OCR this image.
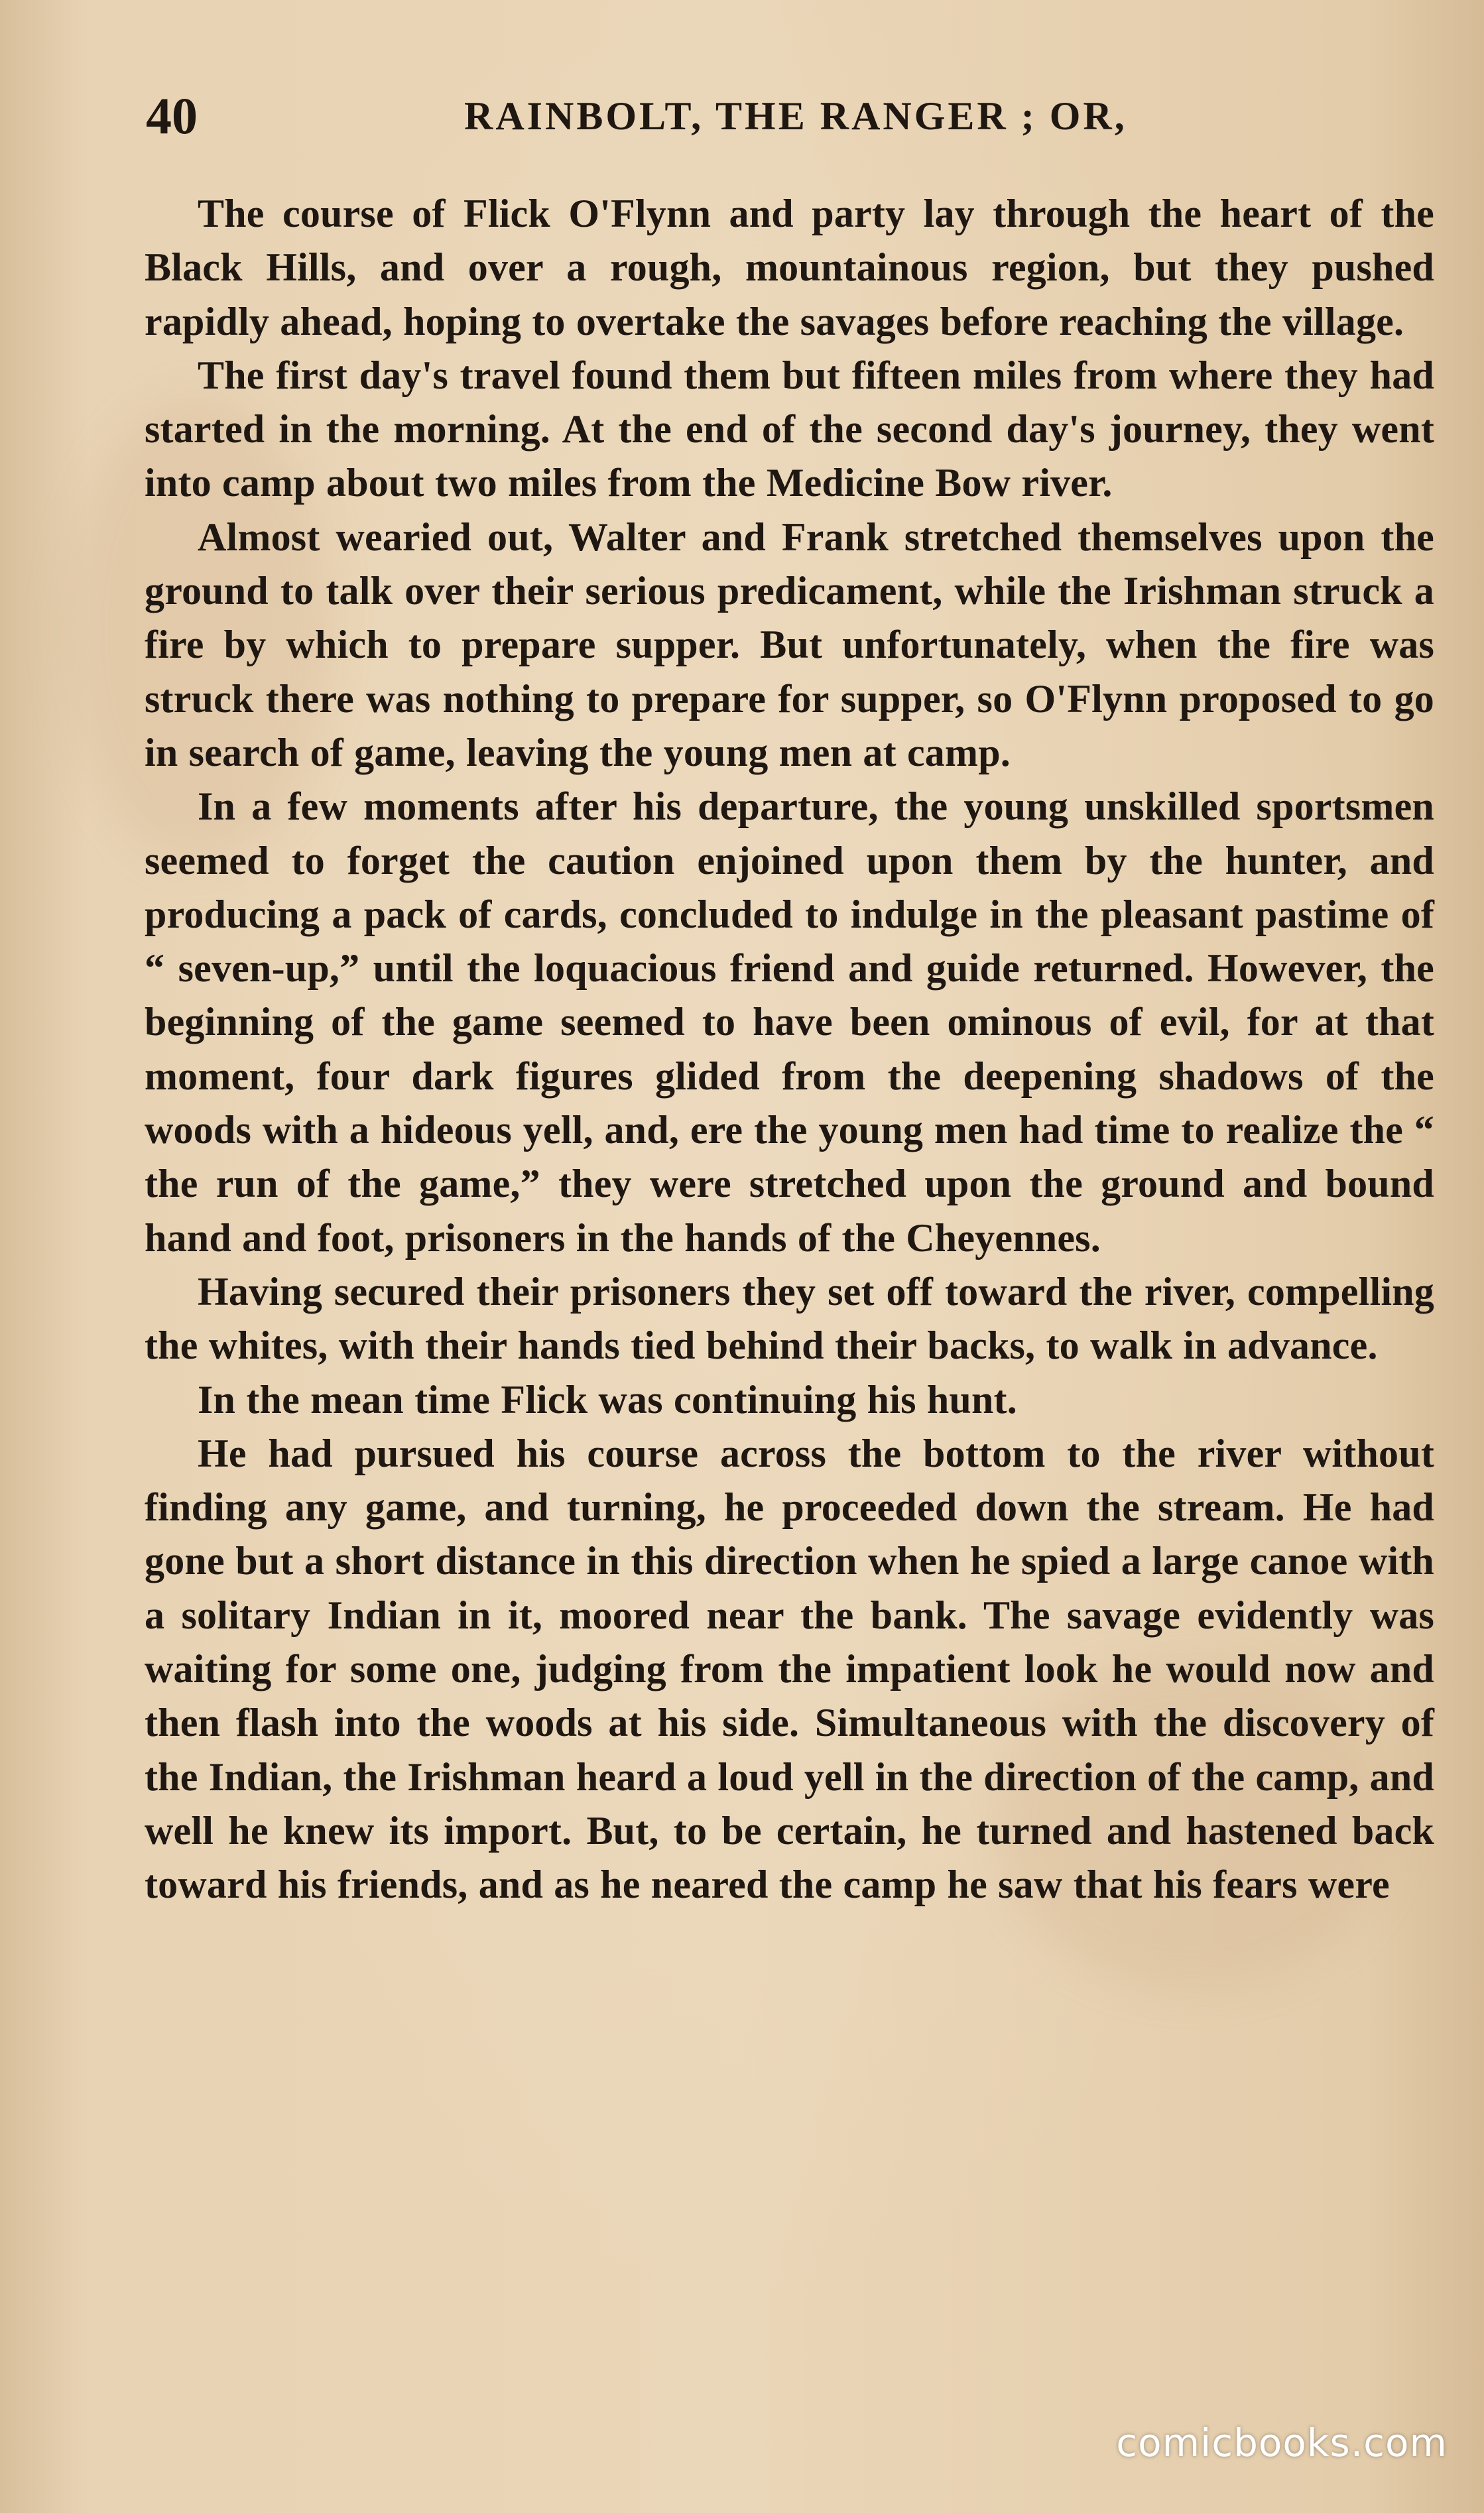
40	RAINBOLT, THE RANGER ; OR,

The course of Flick O'Flynn and party lay through the heart of the Black Hills, and over a rough, mountainous region, but they pushed rapidly ahead, hoping to overtake the savages before reaching the village.

The first day's travel found them but fifteen miles from where they had started in the morning. At the end of the second day's journey, they went into camp about two miles from the Medicine Bow river.

Almost wearied out, Walter and Frank stretched themselves upon the ground to talk over their serious predicament, while the Irishman struck a fire by which to prepare supper. But unfortunately, when the fire was struck there was nothing to prepare for supper, so O'Flynn proposed to go in search of game, leaving the young men at camp.

In a few moments after his departure, the young unskilled sportsmen seemed to forget the caution enjoined upon them by the hunter, and producing a pack of cards, concluded to indulge in the pleasant pastime of “ seven-up,” until the loquacious friend and guide returned. However, the beginning of the game seemed to have been ominous of evil, for at that moment, four dark figures glided from the deepening shadows of the woods with a hideous yell, and, ere the young men had time to realize the “ the run of the game,” they were stretched upon the ground and bound hand and foot, prisoners in the hands of the Cheyennes.

Having secured their prisoners they set off toward the river, compelling the whites, with their hands tied behind their backs, to walk in advance.

In the mean time Flick was continuing his hunt.

He had pursued his course across the bottom to the river without finding any game, and turning, he proceeded down the stream. He had gone but a short distance in this direction when he spied a large canoe with a solitary Indian in it, moored near the bank. The savage evidently was waiting for some one, judging from the impatient look he would now and then flash into the woods at his side. Simultaneous with the discovery of the Indian, the Irishman heard a loud yell in the direction of the camp, and well he knew its import. But, to be certain, he turned and hastened back toward his friends, and as he neared the camp he saw that his fears were

comicbooks.com
